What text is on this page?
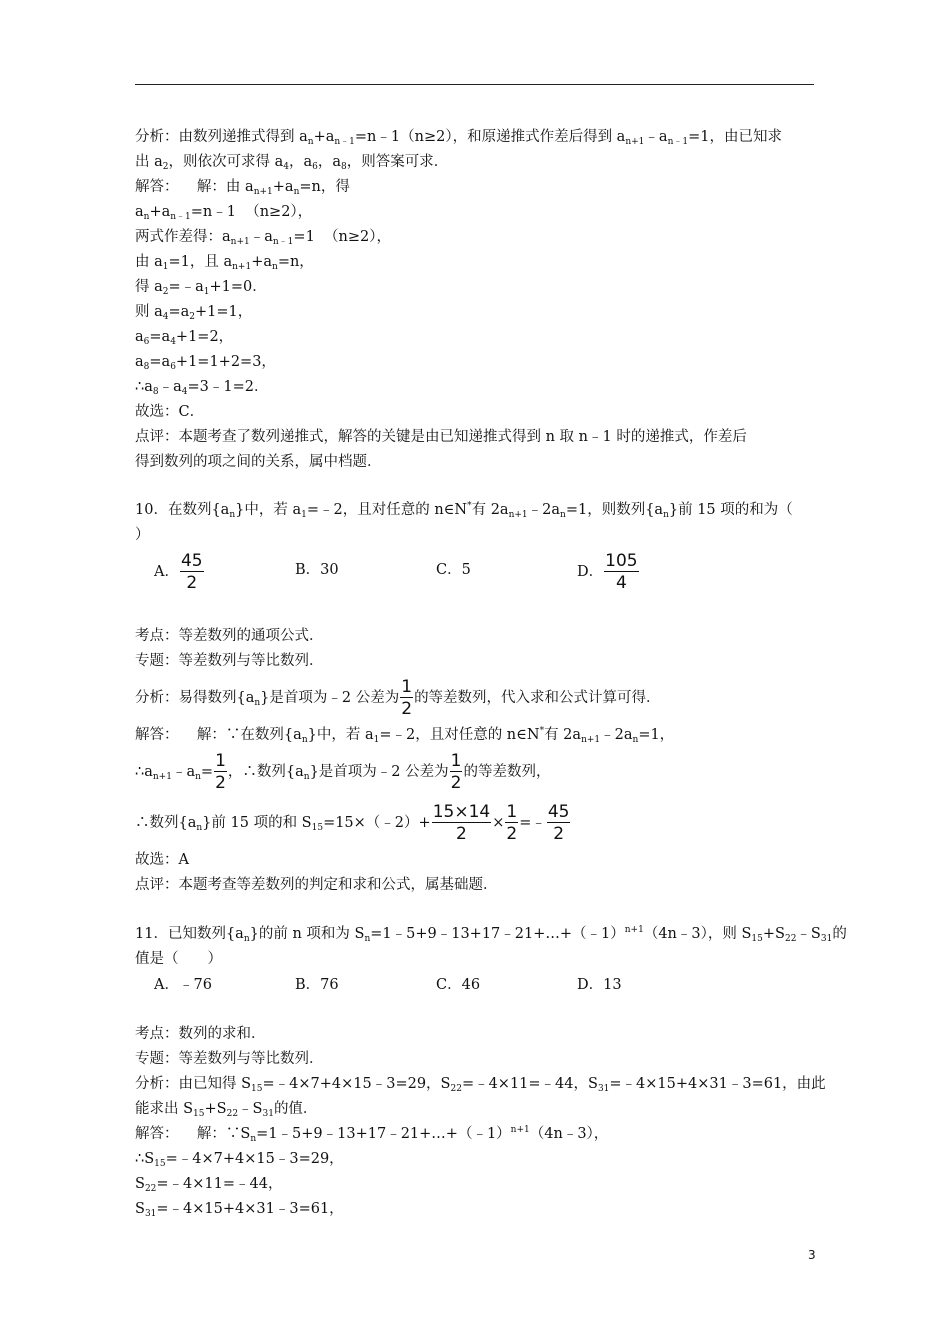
分析：由数列递推式得到 $a_n+a_{n﹣1}=n﹣1(n\ge 2)$，和原递推式作差后得到 $a_{n+1}﹣a_{n﹣1}=1$，由已知求
出 $a_2$，则依次可求得 $a_4$，$a_6$，$a_8$，则答案可求．
解答：    解：由 $a_{n+1}+a_n=n$，得
$a_n+a_{n﹣1}=n﹣1$  （n≥2），
两式作差得：$a_{n+1}﹣a_{n﹣1}=1$  （n≥2），
由 $a_1=1$，且 $a_{n+1}+a_n=n$，
得 $a_2=﹣a_1+1=0$．
则 $a_4=a_2+1=1$，
$a_6=a_4+1=2$，
$a_8=a_6+1=1+2=3$，
$\therefore a_8﹣a_4=3﹣1=2$．
故选：C．
点评：本题考查了数列递推式，解答的关键是由已知递推式得到 n 取 n﹣1 时的递推式，作差后
得到数列的项之间的关系，属中档题．
10．在数列$\{a_n\}$中，若 $a_1=﹣2$，且对任意的 n∈N*有 $2a_{n+1}﹣2a_n=1$，则数列$\{a_n\}$前 15 项的和为（
）
A． $\frac{45}{2}$	B．30	C．5	D． $\frac{105}{4}$
考点：等差数列的通项公式．
专题：等差数列与等比数列．
分析：易得数列$\{a_n\}$是首项为﹣2 公差为 $\frac{1}{2}$ 的等差数列，代入求和公式计算可得．
解答：    解：∵在数列$\{a_n\}$中，若 $a_1=﹣2$，且对任意的 n∈N*有 $2a_{n+1}﹣2a_n=1$，
$\therefore a_{n+1}﹣a_n= \frac{1}{2}$ ，∴数列$\{a_n\}$是首项为﹣2 公差为 $\frac{1}{2}$ 的等差数列，
∴数列$\{a_n\}$前 15 项的和 $S_{15}=15\times(﹣2)+ \frac{15\times 14}{2} \times \frac{1}{2}$ =﹣ $\frac{45}{2}$
故选：A
点评：本题考查等差数列的判定和求和公式，属基础题．
11．已知数列$\{a_n\}$的前 n 项和为 $S_n=1﹣5+9﹣13+17﹣21+\dots+(﹣1)^{n+1}(4n﹣3)$，则 $S_{15}+S_{22}﹣S_{31}$的
值是（　　）
A．﹣76	B．76	C．46	D．13
考点：数列的求和．
专题：等差数列与等比数列．
分析：由已知得 $S_{15}=﹣4\times 7+4\times 15﹣3=29$，$S_{22}=﹣4\times 11=﹣44$，$S_{31}=﹣4\times 15+4\times 31﹣3=61$，由此
能求出 $S_{15}+S_{22}﹣S_{31}$的值．
解答：    解：$\because S_n=1﹣5+9﹣13+17﹣21+\dots+(﹣1)^{n+1}(4n﹣3)$，
$\therefore S_{15}=﹣4\times 7+4\times 15﹣3=29$，
$S_{22}=﹣4\times 11=﹣44$，
$S_{31}=﹣4\times 15+4\times 31﹣3=61$，
3
